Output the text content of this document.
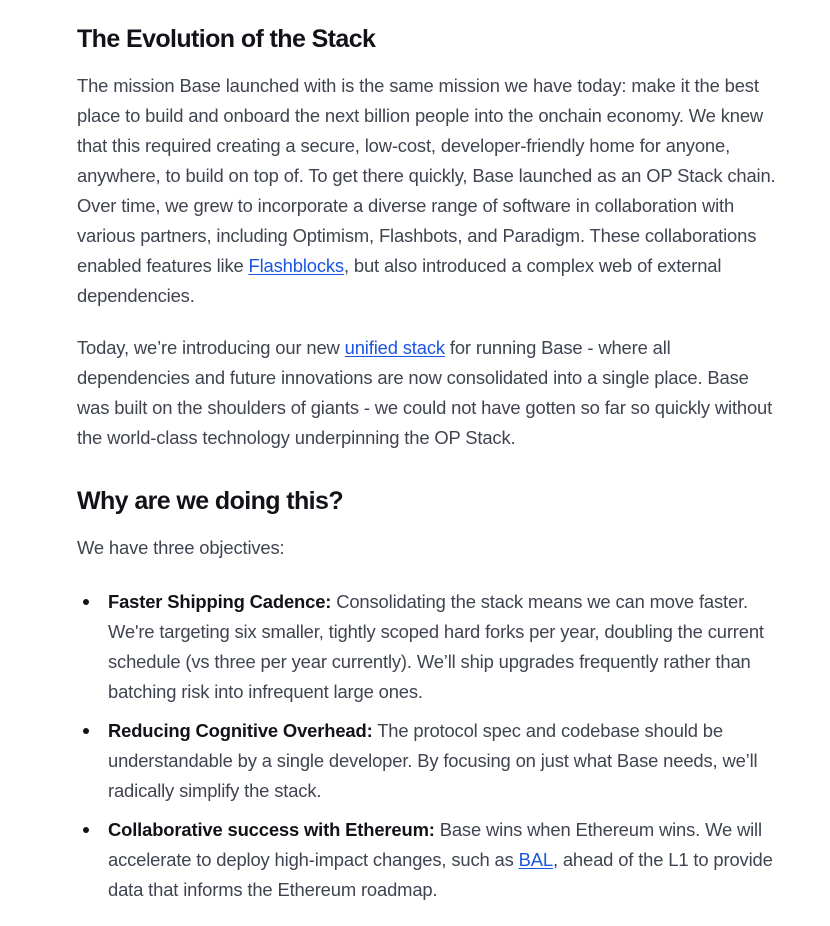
The Evolution of the Stack

The mission Base launched with is the same mission we have today: make it the best place to build and onboard the next billion people into the onchain economy. We knew that this required creating a secure, low-cost, developer-friendly home for anyone, anywhere, to build on top of. To get there quickly, Base launched as an OP Stack chain. Over time, we grew to incorporate a diverse range of software in collaboration with various partners, including Optimism, Flashbots, and Paradigm. These collaborations enabled features like Flashblocks, but also introduced a complex web of external dependencies.

Today, we’re introducing our new unified stack for running Base - where all dependencies and future innovations are now consolidated into a single place. Base was built on the shoulders of giants - we could not have gotten so far so quickly without the world-class technology underpinning the OP Stack.

Why are we doing this?

We have three objectives:

Faster Shipping Cadence: Consolidating the stack means we can move faster. We're targeting six smaller, tightly scoped hard forks per year, doubling the current schedule (vs three per year currently). We’ll ship upgrades frequently rather than batching risk into infrequent large ones.
Reducing Cognitive Overhead: The protocol spec and codebase should be understandable by a single developer. By focusing on just what Base needs, we’ll radically simplify the stack.
Collaborative success with Ethereum: Base wins when Ethereum wins. We will accelerate to deploy high-impact changes, such as BAL, ahead of the L1 to provide data that informs the Ethereum roadmap.
